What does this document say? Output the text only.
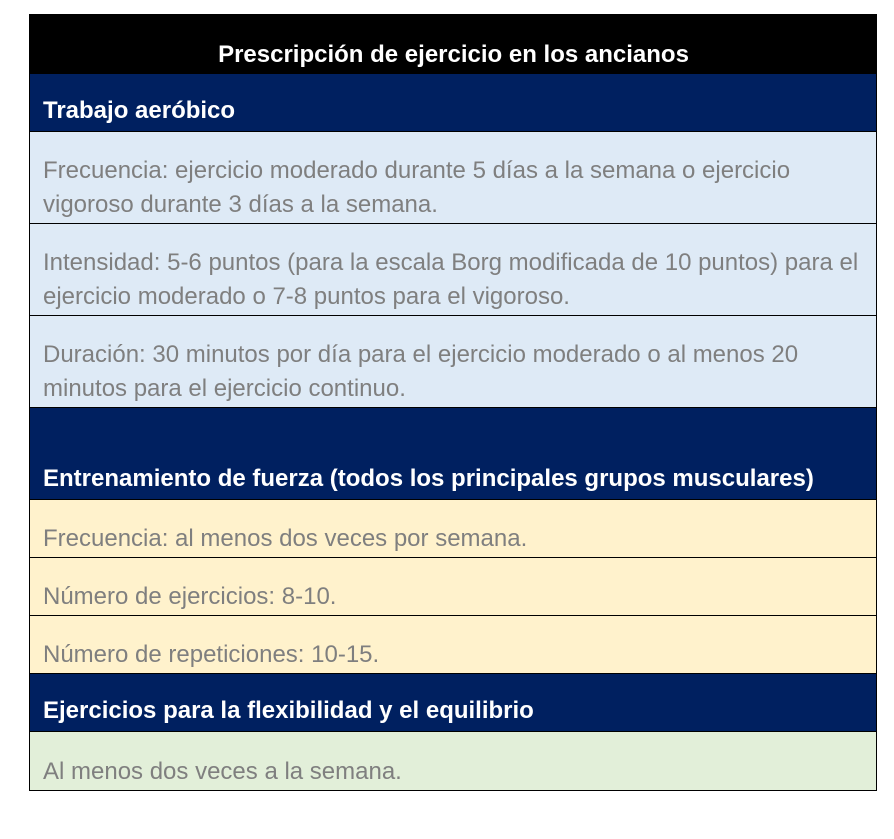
Prescripción de ejercicio en los ancianos
Trabajo aeróbico
Frecuencia: ejercicio moderado durante 5 días a la semana o ejercicio vigoroso durante 3 días a la semana.
Intensidad: 5-6 puntos (para la escala Borg modificada de 10 puntos) para el ejercicio moderado o 7-8 puntos para el vigoroso.
Duración: 30 minutos por día para el ejercicio moderado o al menos 20 minutos para el ejercicio continuo.
Entrenamiento de fuerza (todos los principales grupos musculares)
Frecuencia: al menos dos veces por semana.
Número de ejercicios: 8-10.
Número de repeticiones: 10-15.
Ejercicios para la flexibilidad y el equilibrio
Al menos dos veces a la semana.
